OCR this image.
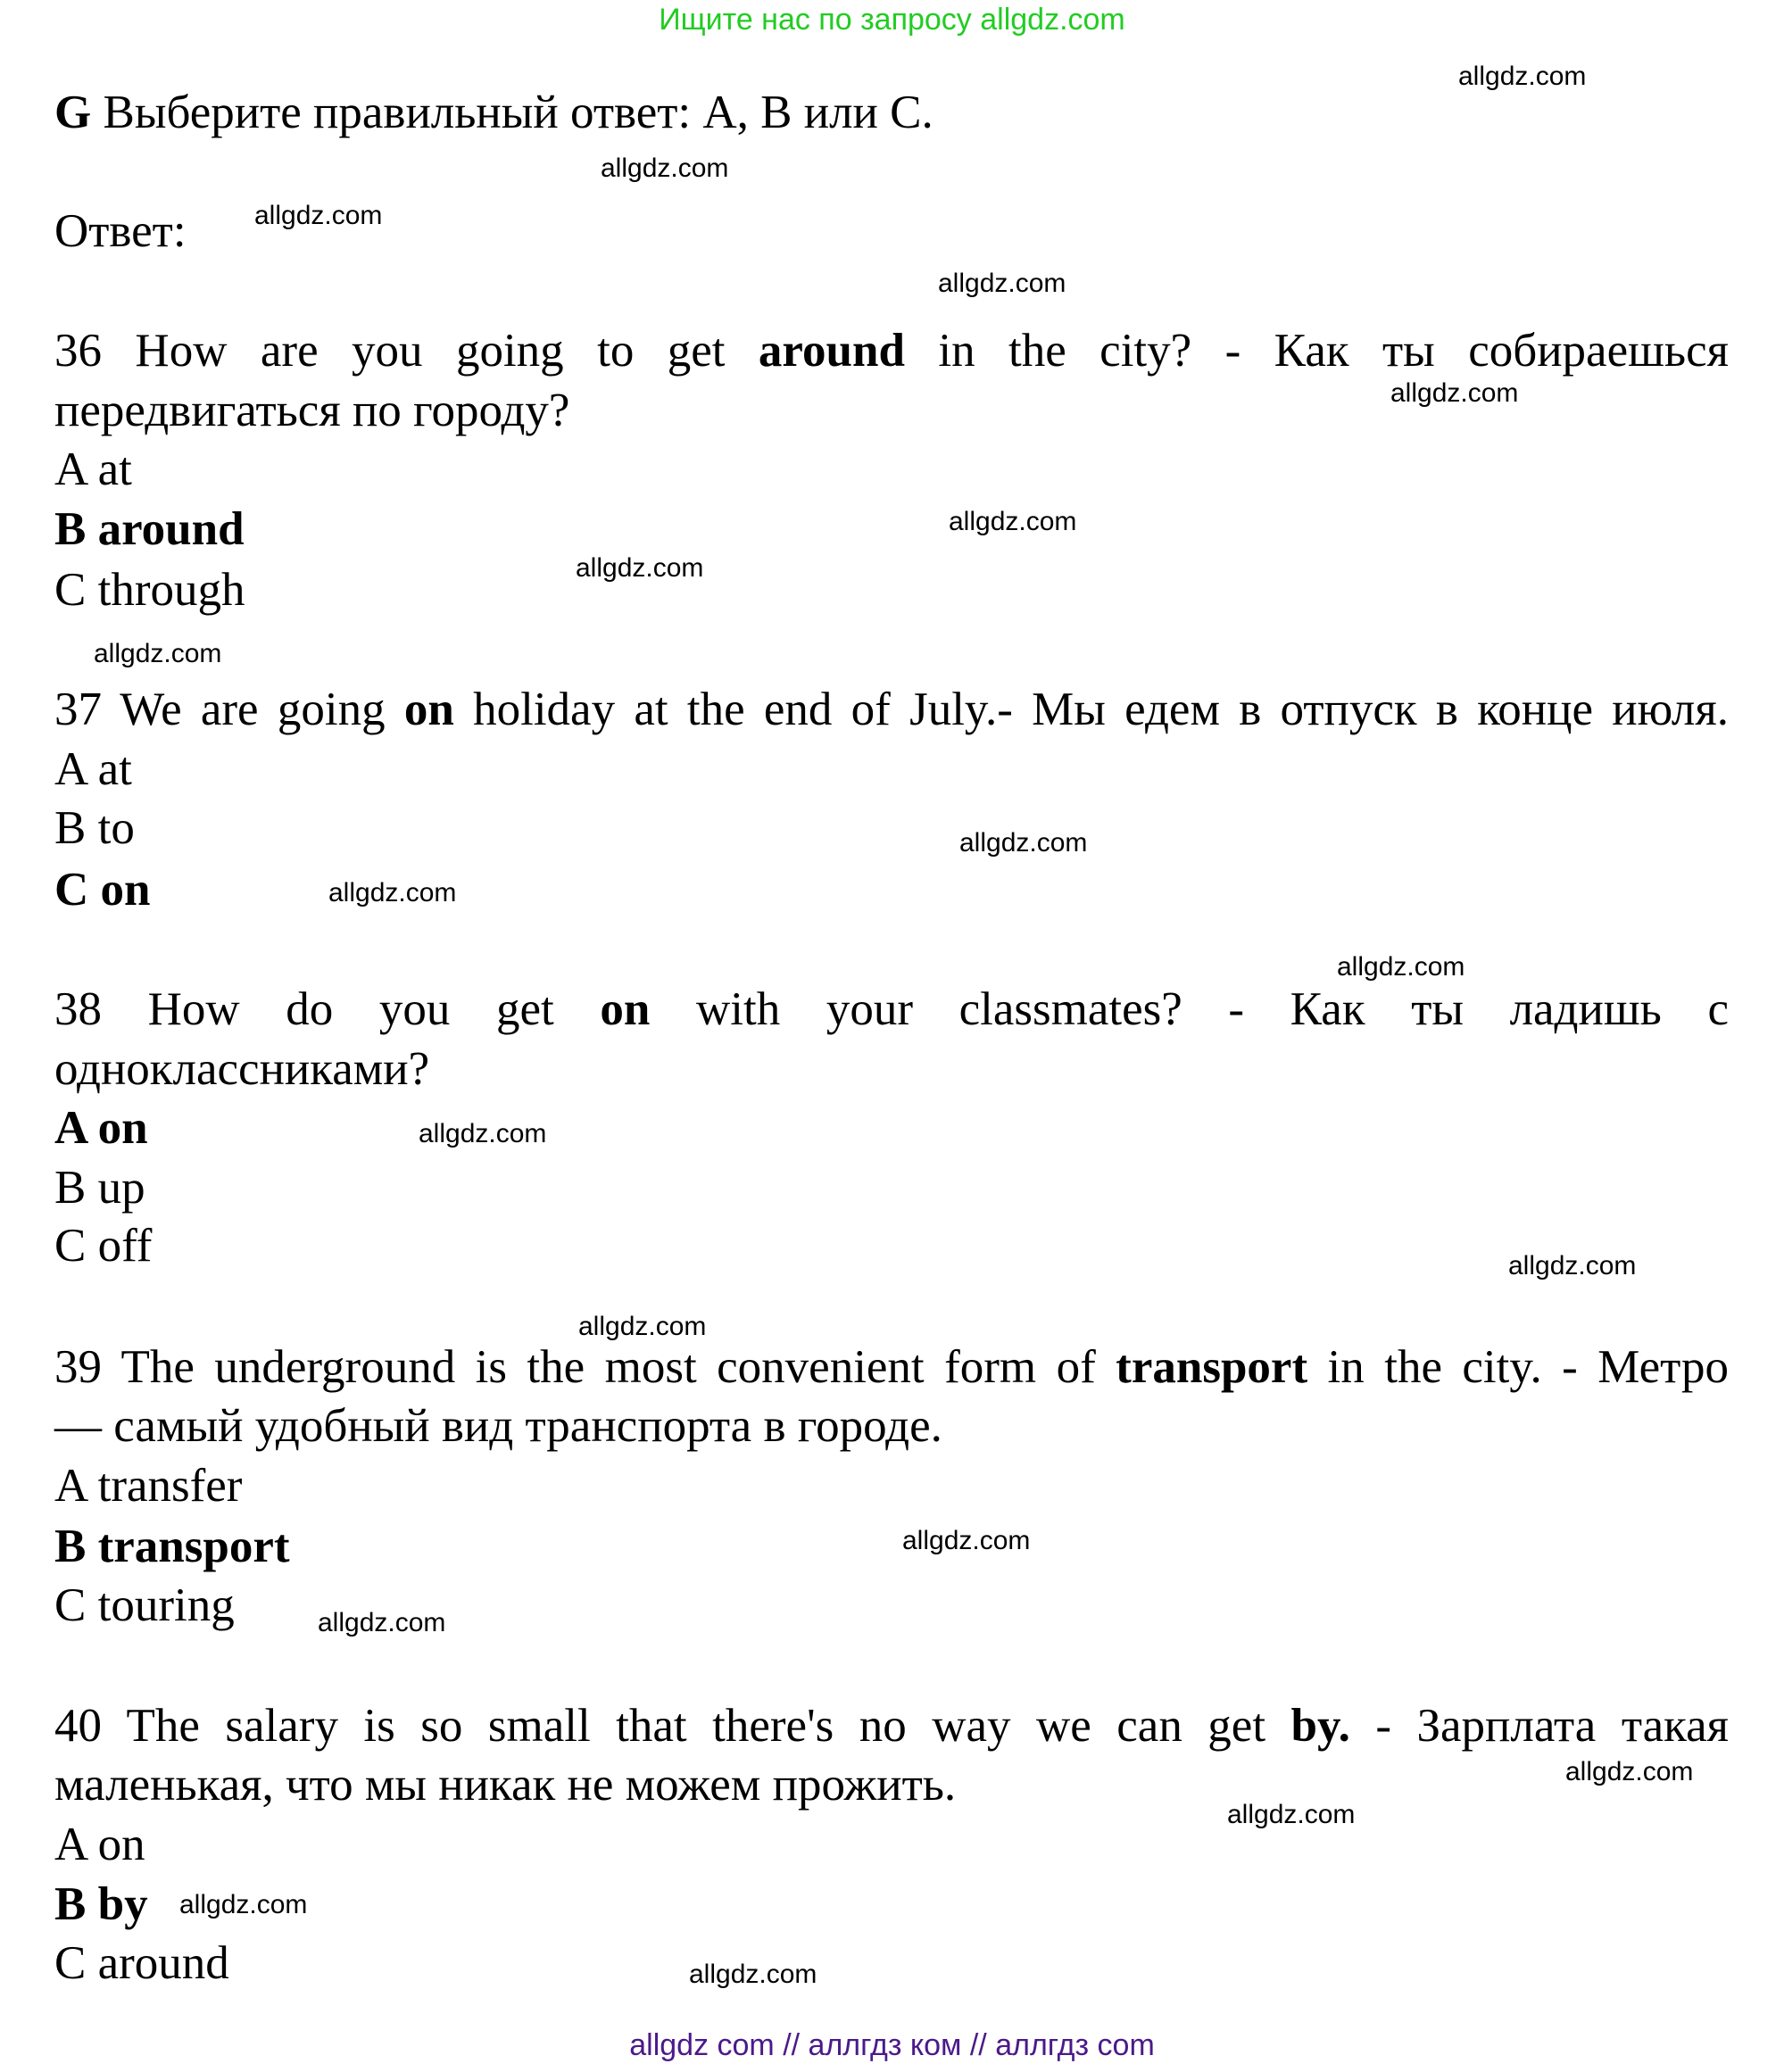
Ищите нас по запросу allgdz.com
G Выберите правильный ответ: А, В или С.
Ответ:
36 How are you going to get around in the city? - Как ты собираешься
передвигаться по городу?
A at
B around
C through
37 We are going on holiday at the end of July.- Мы едем в отпуск в конце июля.
A at
B to
C on
38 How do you get on with your classmates? - Как ты ладишь с
одноклассниками?
A on
B up
C off
39 The underground is the most convenient form of transport in the city. - Метро
— самый удобный вид транспорта в городе.
A transfer
B transport
C touring
40 The salary is so small that there's no way we can get by. - Зарплата такая
маленькая, что мы никак не можем прожить.
A on
B by
C around
allgdz.com
allgdz.com
allgdz.com
allgdz.com
allgdz.com
allgdz.com
allgdz.com
allgdz.com
allgdz.com
allgdz.com
allgdz.com
allgdz.com
allgdz.com
allgdz.com
allgdz.com
allgdz.com
allgdz.com
allgdz.com
allgdz.com
allgdz.com
allgdz com // аллгдз ком // аллгдз com
